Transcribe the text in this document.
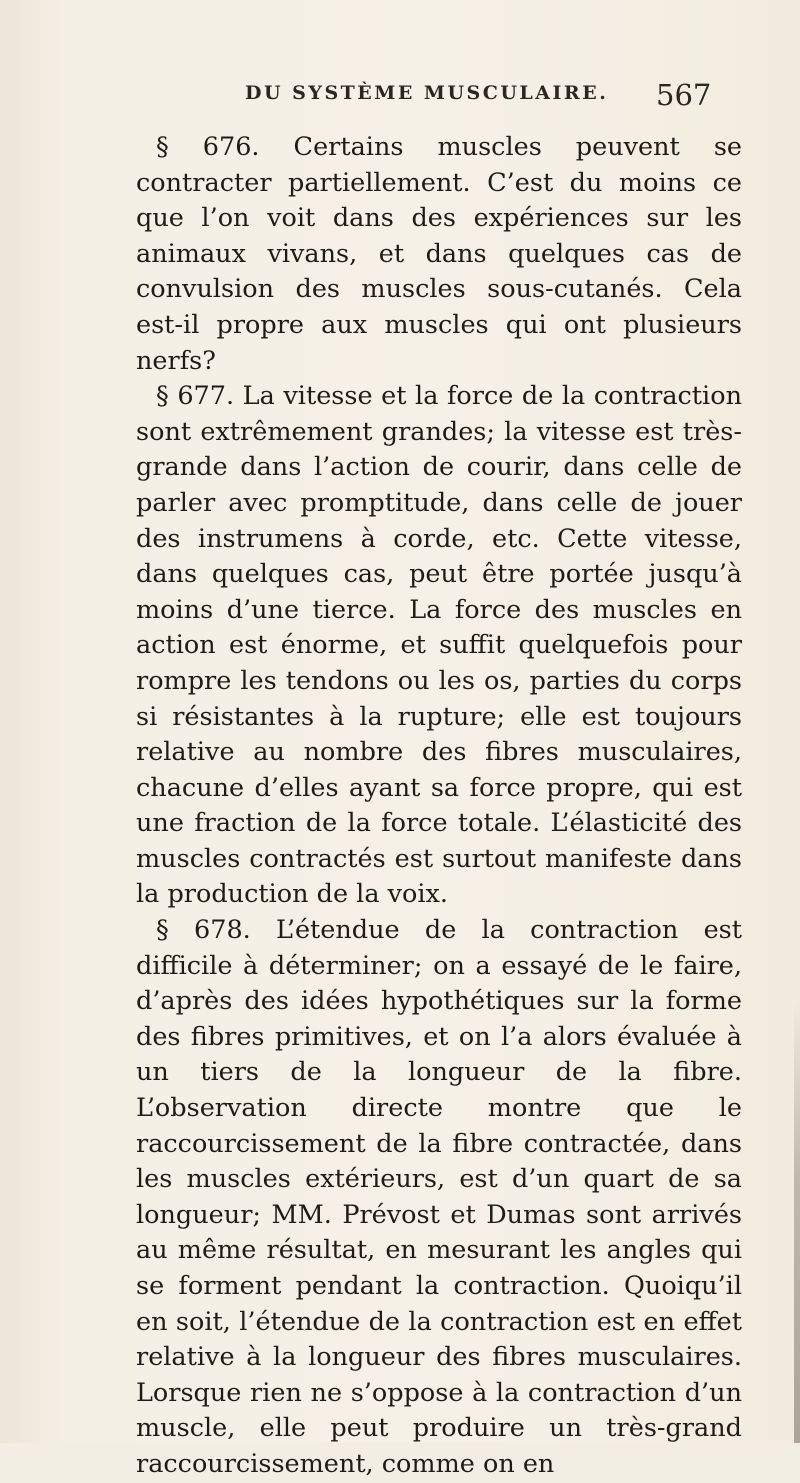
DU SYSTÈME MUSCULAIRE. 567

§ 676. Certains muscles peuvent se contracter partiellement. C’est du moins ce que l’on voit dans des expériences sur les animaux vivans, et dans quelques cas de convulsion des muscles sous-cutanés. Cela est-il propre aux muscles qui ont plusieurs nerfs?

§ 677. La vitesse et la force de la contraction sont extrêmement grandes; la vitesse est très-grande dans l’action de courir, dans celle de parler avec promptitude, dans celle de jouer des instrumens à corde, etc. Cette vitesse, dans quelques cas, peut être portée jusqu’à moins d’une tierce. La force des muscles en action est énorme, et suffit quelquefois pour rompre les tendons ou les os, parties du corps si résistantes à la rupture; elle est toujours relative au nombre des fibres musculaires, chacune d’elles ayant sa force propre, qui est une fraction de la force totale. L’élasticité des muscles contractés est surtout manifeste dans la production de la voix.

§ 678. L’étendue de la contraction est difficile à déterminer; on a essayé de le faire, d’après des idées hypothétiques sur la forme des fibres primitives, et on l’a alors évaluée à un tiers de la longueur de la fibre. L’observation directe montre que le raccourcissement de la fibre contractée, dans les muscles extérieurs, est d’un quart de sa longueur; MM. Prévost et Dumas sont arrivés au même résultat, en mesurant les angles qui se forment pendant la contraction. Quoiqu’il en soit, l’étendue de la contraction est en effet relative à la longueur des fibres musculaires. Lorsque rien ne s’oppose à la contraction d’un muscle, elle peut produire un très-grand raccourcissement, comme on en
